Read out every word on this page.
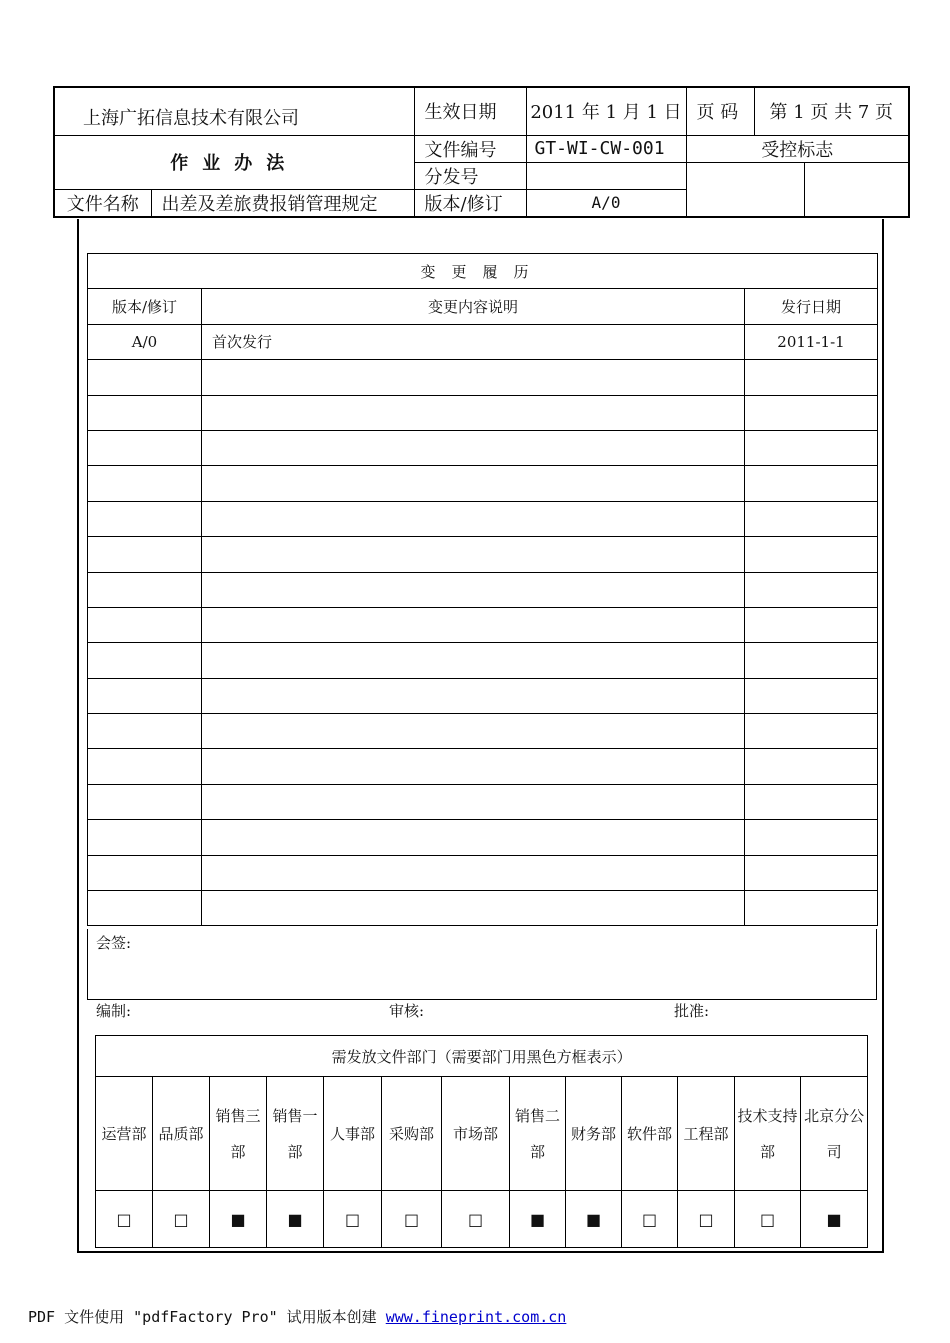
上海广拓信息技术有限公司		生效日期	2011 年 1 月 1 日	页 码	第 1 页 共 7 页	
作业办法		文件编号	GT-WI-CW-001	受控标志		
		分发号				
文件名称	出差及差旅费报销管理规定	版本/修订	A/0			
变更履历		
版本/修订	变更内容说明	发行日期
A/0	首次发行	2011-1-1

会签:
编制:	审核:	批准:
需发放文件部门（需要部门用黑色方框表示）												
运营部	品质部	销售三部	销售一部	人事部	采购部	市场部	销售二部	财务部	软件部	工程部	技术支持部	北京分公司
□	□	■	■	□	□	□	■	■	□	□	□	■
PDF 文件使用 "pdfFactory Pro" 试用版本创建 www.fineprint.com.cn
